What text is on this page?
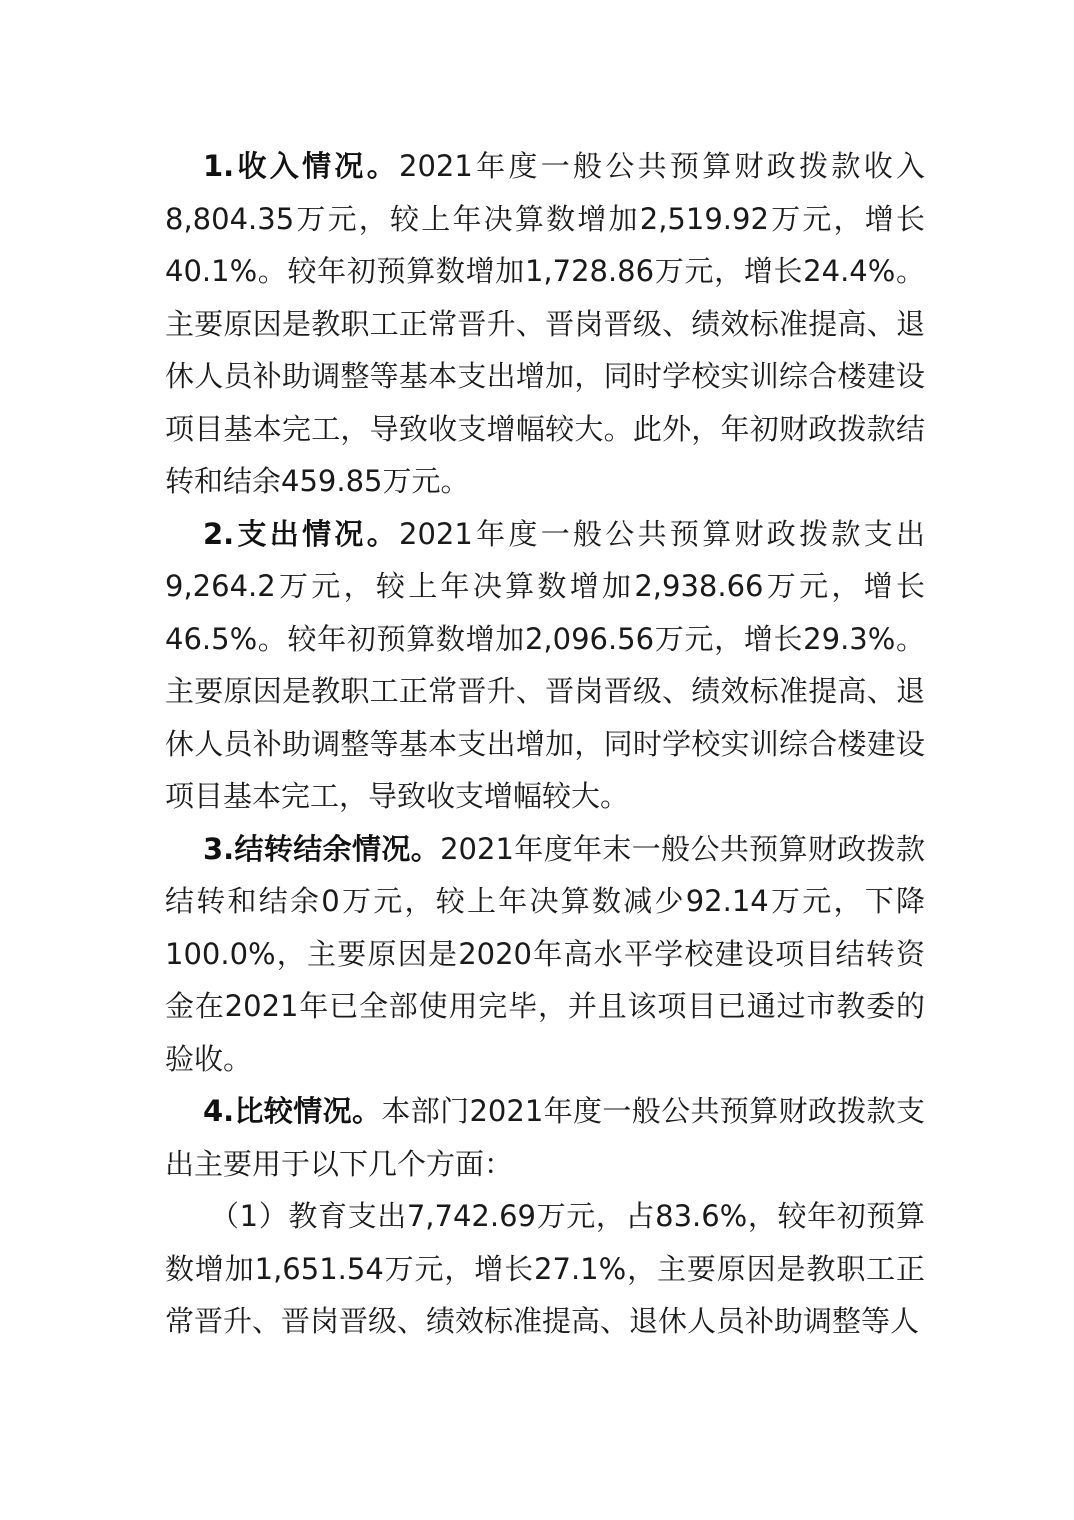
1.收入情况。2021年度一般公共预算财政拨款收入8,804.35万元，较上年决算数增加2,519.92万元，增长40.1%。较年初预算数增加1,728.86万元，增长24.4%。主要原因是教职工正常晋升、晋岗晋级、绩效标准提高、退休人员补助调整等基本支出增加，同时学校实训综合楼建设项目基本完工，导致收支增幅较大。此外，年初财政拨款结转和结余459.85万元。

2.支出情况。2021年度一般公共预算财政拨款支出9,264.2万元，较上年决算数增加2,938.66万元，增长46.5%。较年初预算数增加2,096.56万元，增长29.3%。主要原因是教职工正常晋升、晋岗晋级、绩效标准提高、退休人员补助调整等基本支出增加，同时学校实训综合楼建设项目基本完工，导致收支增幅较大。

3.结转结余情况。2021年度年末一般公共预算财政拨款结转和结余0万元，较上年决算数减少92.14万元，下降100.0%，主要原因是2020年高水平学校建设项目结转资金在2021年已全部使用完毕，并且该项目已通过市教委的验收。

4.比较情况。本部门2021年度一般公共预算财政拨款支出主要用于以下几个方面：

（1）教育支出7,742.69万元，占83.6%，较年初预算数增加1,651.54万元，增长27.1%，主要原因是教职工正常晋升、晋岗晋级、绩效标准提高、退休人员补助调整等人
